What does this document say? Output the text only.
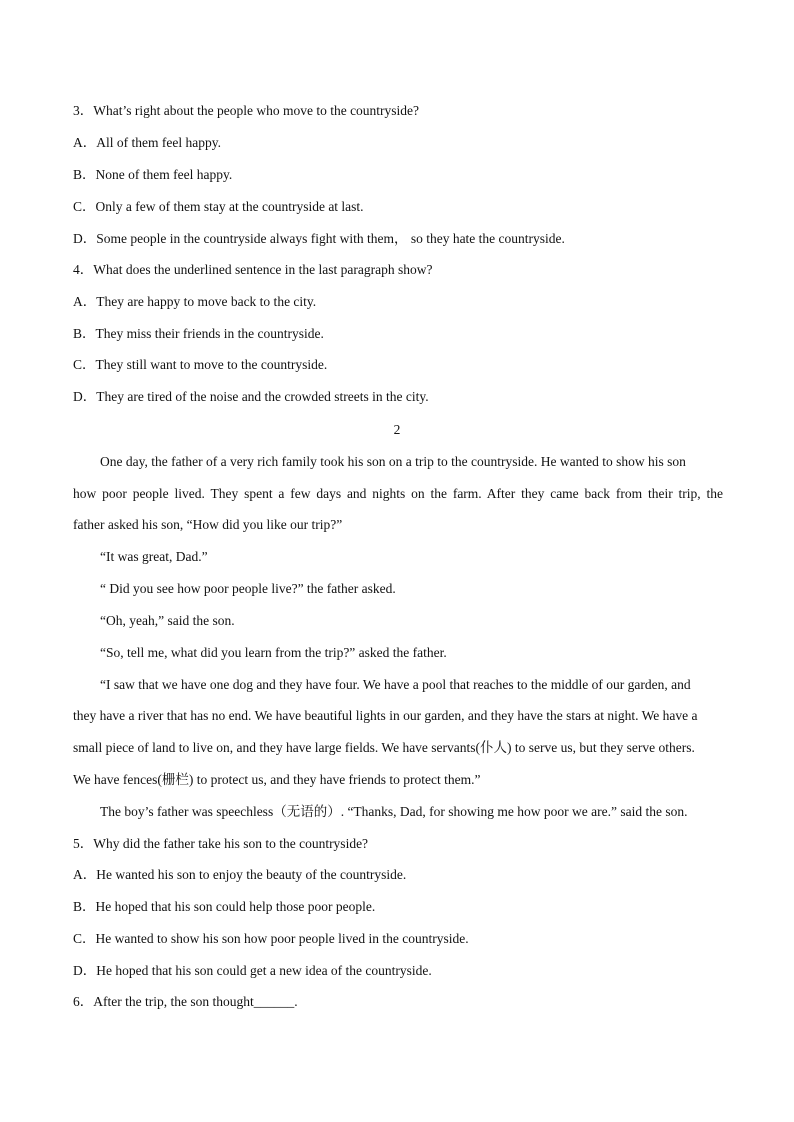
3．What’s right about the people who move to the countryside?
A．All of them feel happy.
B．None of them feel happy.
C．Only a few of them stay at the countryside at last.
D．Some people in the countryside always fight with them， so they hate the countryside.
4．What does the underlined sentence in the last paragraph show?
A．They are happy to move back to the city.
B．They miss their friends in the countryside.
C．They still want to move to the countryside.
D．They are tired of the noise and the crowded streets in the city.
2
One day, the father of a very rich family took his son on a trip to the countryside. He wanted to show his son
how poor people lived. They spent a few days and nights on the farm. After they came back from their trip, the
father asked his son, “How did you like our trip?”
“It was great, Dad.”
“ Did you see how poor people live?” the father asked.
“Oh, yeah,” said the son.
“So, tell me, what did you learn from the trip?” asked the father.
“I saw that we have one dog and they have four. We have a pool that reaches to the middle of our garden, and
they have a river that has no end. We have beautiful lights in our garden, and they have the stars at night. We have a
small piece of land to live on, and they have large fields. We have servants(仆人) to serve us, but they serve others.
We have fences(栅栏) to protect us, and they have friends to protect them.”
The boy’s father was speechless（无语的）. “Thanks, Dad, for showing me how poor we are.” said the son.
5．Why did the father take his son to the countryside?
A．He wanted his son to enjoy the beauty of the countryside.
B．He hoped that his son could help those poor people.
C．He wanted to show his son how poor people lived in the countryside.
D．He hoped that his son could get a new idea of the countryside.
6．After the trip, the son thought______.
